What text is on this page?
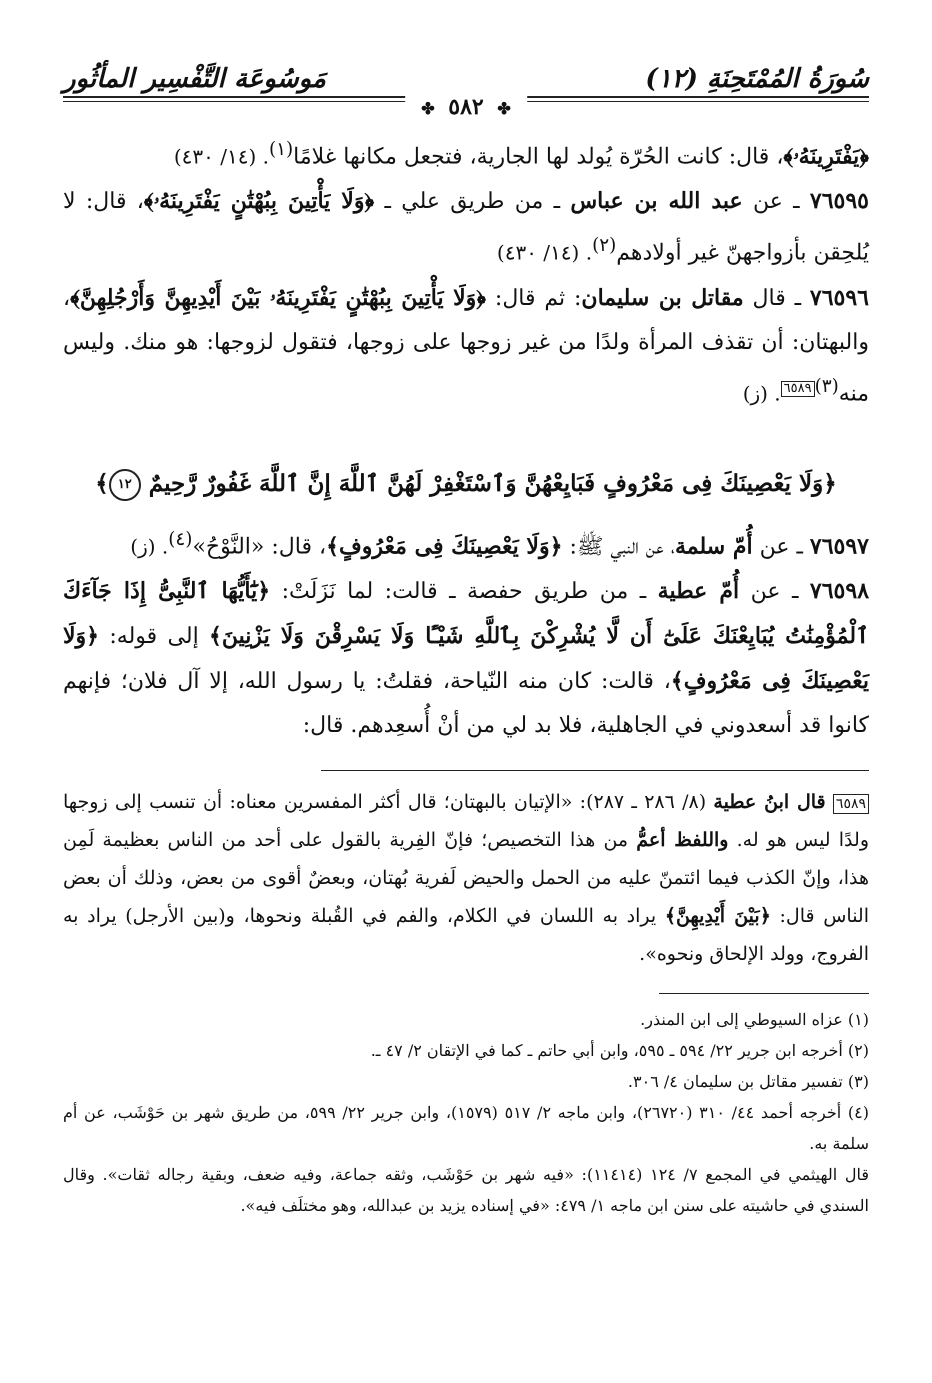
سُورَةُ المُمْتَحِنَةِ (١٢)
مَوسُوعَة التَّفْسِير المأثُور
✤ ٥٨٢ ✤

﴿يَفْتَرِينَهُۥ﴾، قال: كانت الحُرّة يُولد لها الجارية، فتجعل مكانها غلامًا$^{(١)}$. (١٤/ ٤٣٠)

٧٦٥٩٥ ـ عن عبد الله بن عباس ـ من طريق علي ـ ﴿وَلَا يَأْتِينَ بِبُهْتَٰنٍ يَفْتَرِينَهُۥ﴾، قال: لا يُلحِقن بأزواجهنّ غير أولادهم$^{(٢)}$. (١٤/ ٤٣٠)

٧٦٥٩٦ ـ قال مقاتل بن سليمان: ثم قال: ﴿وَلَا يَأْتِينَ بِبُهْتَٰنٍ يَفْتَرِينَهُۥ بَيْنَ أَيْدِيهِنَّ وَأَرْجُلِهِنَّ﴾، والبهتان: أن تقذف المرأة ولدًا من غير زوجها على زوجها، فتقول لزوجها: هو منك. وليس منه$^{(٣)}$٦٥٨٩. (ز)

﴿وَلَا يَعْصِينَكَ فِى مَعْرُوفٍ فَبَايِعْهُنَّ وَٱسْتَغْفِرْ لَهُنَّ ٱللَّهَ إِنَّ ٱللَّهَ غَفُورٌ رَّحِيمٌ ١٢﴾

٧٦٥٩٧ ـ عن أُمّ سلمة، عن النبي ﷺ: ﴿وَلَا يَعْصِينَكَ فِى مَعْرُوفٍ﴾، قال: «النَّوْحُ»$^{(٤)}$. (ز)

٧٦٥٩٨ ـ عن أُمّ عطية ـ من طريق حفصة ـ قالت: لما نَزَلَتْ: ﴿يَٰٓأَيُّهَا ٱلنَّبِىُّ إِذَا جَآءَكَ ٱلْمُؤْمِنَٰتُ يُبَايِعْنَكَ عَلَىٰٓ أَن لَّا يُشْرِكْنَ بِٱللَّهِ شَيْـًٔا وَلَا يَسْرِقْنَ وَلَا يَزْنِينَ﴾ إلى قوله: ﴿وَلَا يَعْصِينَكَ فِى مَعْرُوفٍ﴾، قالت: كان منه النّياحة، فقلتُ: يا رسول الله، إلا آل فلان؛ فإنهم كانوا قد أسعدوني في الجاهلية، فلا بد لي من أنْ أُسعِدهم. قال:

٦٥٨٩ قال ابنُ عطية (٨/ ٢٨٦ ـ ٢٨٧): «الإتيان بالبهتان؛ قال أكثر المفسرين معناه: أن تنسب إلى زوجها ولدًا ليس هو له. واللفظ أعمُّ من هذا التخصيص؛ فإنّ الفِرية بالقول على أحد من الناس بعظيمة لَمِن هذا، وإنّ الكذب فيما ائتمنّ عليه من الحمل والحيض لَفرية بُهتان، وبعضٌ أقوى من بعض، وذلك أن بعض الناس قال: ﴿بَيْنَ أَيْدِيهِنَّ﴾ يراد به اللسان في الكلام، والفم في القُبلة ونحوها، و(بين الأرجل) يراد به الفروج، وولد الإلحاق ونحوه».

(١) عزاه السيوطي إلى ابن المنذر.

(٢) أخرجه ابن جرير ٢٢/ ٥٩٤ ـ ٥٩٥، وابن أبي حاتم ـ كما في الإتقان ٢/ ٤٧ ـ.

(٣) تفسير مقاتل بن سليمان ٤/ ٣٠٦.

(٤) أخرجه أحمد ٤٤/ ٣١٠ (٢٦٧٢٠)، وابن ماجه ٢/ ٥١٧ (١٥٧٩)، وابن جرير ٢٢/ ٥٩٩، من طريق شهر بن حَوْشَب، عن أم سلمة به.

قال الهيثمي في المجمع ٧/ ١٢٤ (١١٤١٤): «فيه شهر بن حَوْشَب، وثقه جماعة، وفيه ضعف، وبقية رجاله ثقات». وقال السندي في حاشيته على سنن ابن ماجه ١/ ٤٧٩: «في إسناده يزيد بن عبدالله، وهو مختلَف فيه».
